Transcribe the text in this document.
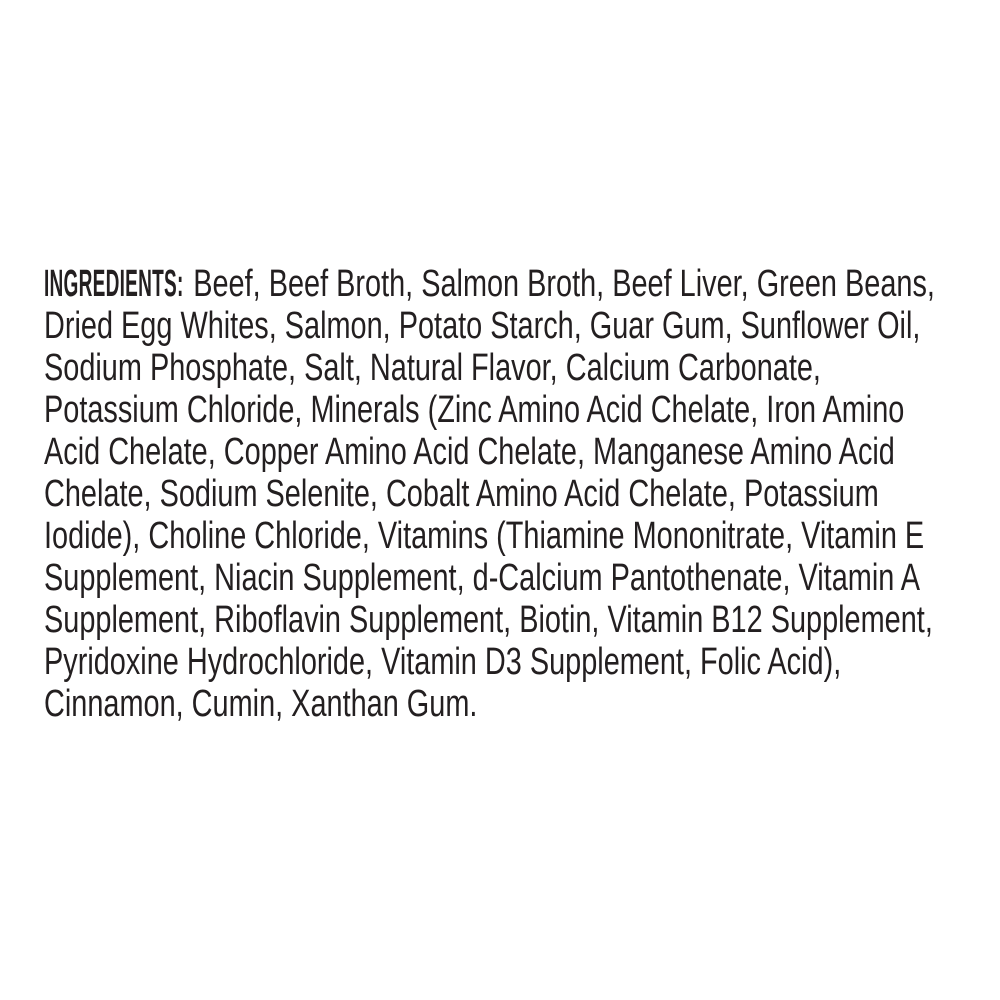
INGREDIENTS: Beef, Beef Broth, Salmon Broth, Beef Liver, Green Beans,
Dried Egg Whites, Salmon, Potato Starch, Guar Gum, Sunflower Oil,
Sodium Phosphate, Salt, Natural Flavor, Calcium Carbonate,
Potassium Chloride, Minerals (Zinc Amino Acid Chelate, Iron Amino
Acid Chelate, Copper Amino Acid Chelate, Manganese Amino Acid
Chelate, Sodium Selenite, Cobalt Amino Acid Chelate, Potassium
Iodide), Choline Chloride, Vitamins (Thiamine Mononitrate, Vitamin E
Supplement, Niacin Supplement, d-Calcium Pantothenate, Vitamin A
Supplement, Riboflavin Supplement, Biotin, Vitamin B12 Supplement,
Pyridoxine Hydrochloride, Vitamin D3 Supplement, Folic Acid),
Cinnamon, Cumin, Xanthan Gum.
